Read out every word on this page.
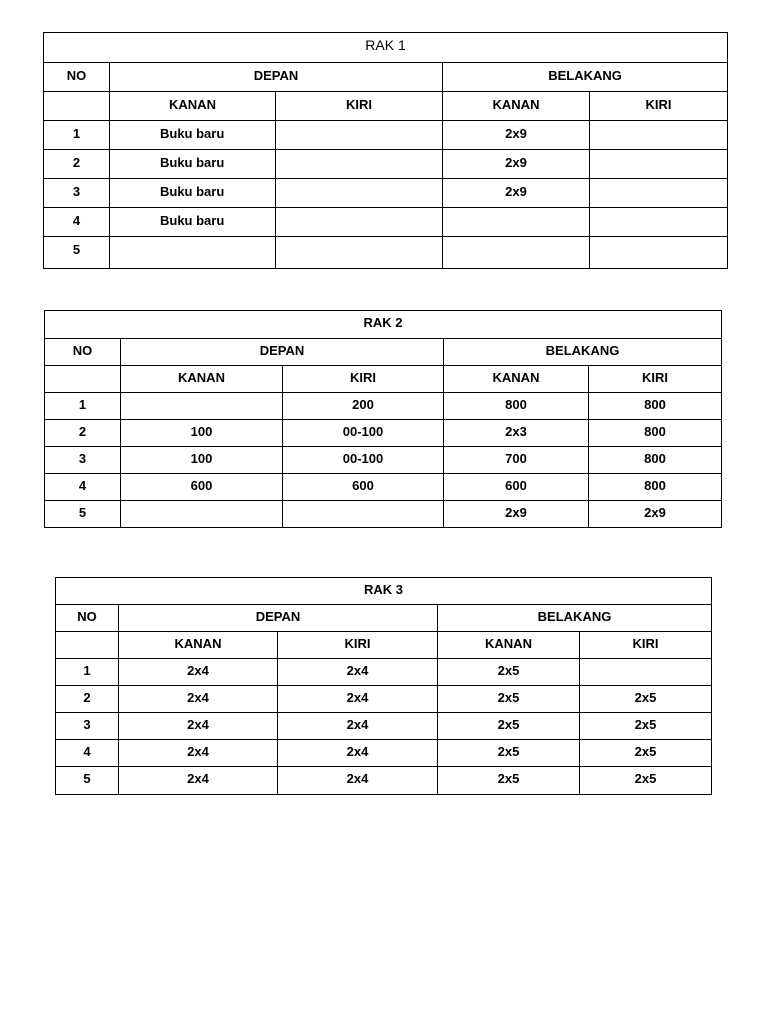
RAK 1				
NO	DEPAN		BELAKANG	
	KANAN	KIRI	KANAN	KIRI
1	Buku baru		2x9	
2	Buku baru		2x9	
3	Buku baru		2x9	
4	Buku baru			
5				
RAK 2				
NO	DEPAN		BELAKANG	
	KANAN	KIRI	KANAN	KIRI
1		200	800	800
2	100	00-100	2x3	800
3	100	00-100	700	800
4	600	600	600	800
5			2x9	2x9
RAK 3				
NO	DEPAN		BELAKANG	
	KANAN	KIRI	KANAN	KIRI
1	2x4	2x4	2x5	
2	2x4	2x4	2x5	2x5
3	2x4	2x4	2x5	2x5
4	2x4	2x4	2x5	2x5
5	2x4	2x4	2x5	2x5
